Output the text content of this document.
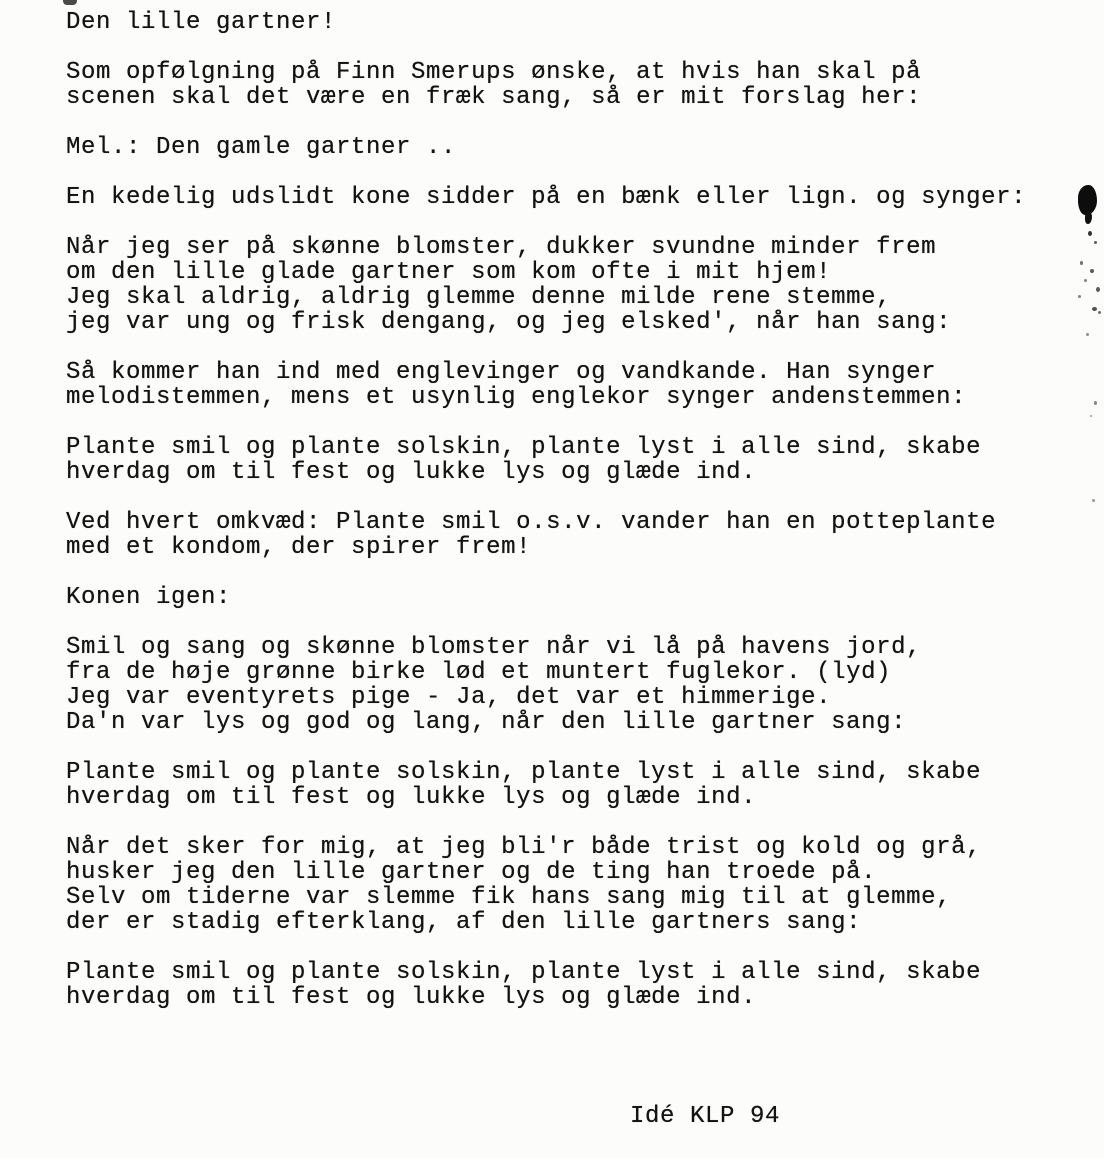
Den lille gartner!
Som opfølgning på Finn Smerups ønske, at hvis han skal på
scenen skal det være en fræk sang, så er mit forslag her:
Mel.: Den gamle gartner ..
En kedelig udslidt kone sidder på en bænk eller lign. og synger:
Når jeg ser på skønne blomster, dukker svundne minder frem
om den lille glade gartner som kom ofte i mit hjem!
Jeg skal aldrig, aldrig glemme denne milde rene stemme,
jeg var ung og frisk dengang, og jeg elsked', når han sang:
Så kommer han ind med englevinger og vandkande. Han synger
melodistemmen, mens et usynlig englekor synger andenstemmen:
Plante smil og plante solskin, plante lyst i alle sind, skabe
hverdag om til fest og lukke lys og glæde ind.
Ved hvert omkvæd: Plante smil o.s.v. vander han en potteplante
med et kondom, der spirer frem!
Konen igen:
Smil og sang og skønne blomster når vi lå på havens jord,
fra de høje grønne birke lød et muntert fuglekor. (lyd)
Jeg var eventyrets pige - Ja, det var et himmerige.
Da'n var lys og god og lang, når den lille gartner sang:
Plante smil og plante solskin, plante lyst i alle sind, skabe
hverdag om til fest og lukke lys og glæde ind.
Når det sker for mig, at jeg bli'r både trist og kold og grå,
husker jeg den lille gartner og de ting han troede på.
Selv om tiderne var slemme fik hans sang mig til at glemme,
der er stadig efterklang, af den lille gartners sang:
Plante smil og plante solskin, plante lyst i alle sind, skabe
hverdag om til fest og lukke lys og glæde ind.
Idé KLP 94
